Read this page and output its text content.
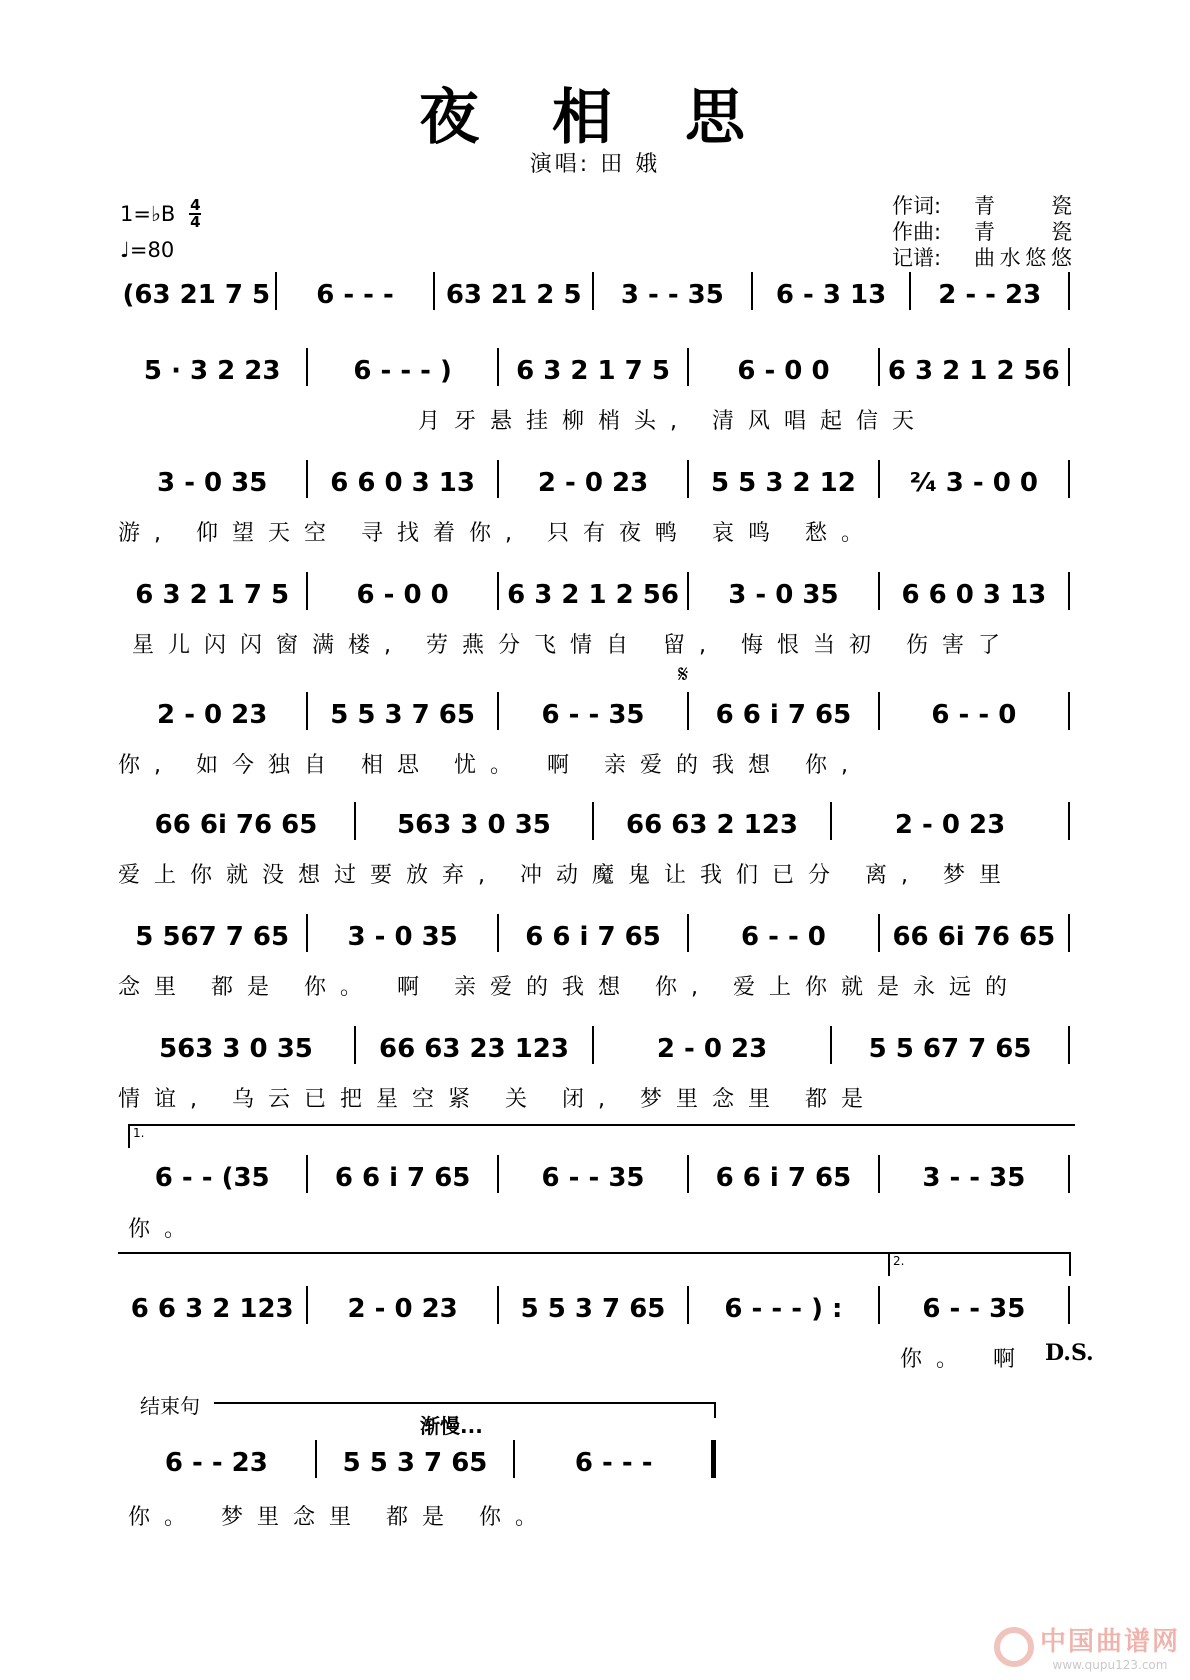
夜 相 思
演唱: 田 娥
1=♭B $\frac{4}{4}$
♩=80
作词:	青	瓷
作曲:	青	瓷
记谱:	曲 水 悠 悠
(63 21 7 5	6 - - -	63 21 2 5	3 - - 35	6 - 3 13	2 - - 23
5 · 3 2 23	6 - - - )	6 3 2 1 7 5	6 - 0 0	6 3 2 1 2 56
月牙悬挂柳梢头, 清风唱起信天
3 - 0 35	6 6 0 3 13	2 - 0 23	5 5 3 2 12	²⁄₄ 3 - 0 0
游, 仰望天空 寻找着你, 只有夜鸭 哀鸣 愁。
6 3 2 1 7 5	6 - 0 0	6 3 2 1 2 56	3 - 0 35	6 6 0 3 13
星儿闪闪窗满楼, 劳燕分飞情自 留, 悔恨当初 伤害了
𝄋
2 - 0 23	5 5 3 7 65	6 - - 35	6 6 i 7 65	6 - - 0
你, 如今独自 相思 忧。 啊 亲爱的我想 你,
66 6i 76 65	563 3 0 35	66 63 2 123	2 - 0 23
爱上你就没想过要放弃, 冲动魔鬼让我们已分 离, 梦里
5 567 7 65	3 - 0 35	6 6 i 7 65	6 - - 0	66 6i 76 65
念里 都是 你。 啊 亲爱的我想 你, 爱上你就是永远的
563 3 0 35	66 63 23 123	2 - 0 23	5 5 67 7 65
情谊, 乌云已把星空紧 关 闭, 梦里念里 都是
1.
6 - - (35	6 6 i 7 65	6 - - 35	6 6 i 7 65	3 - - 35
你。
2.
6 6 3 2 123	2 - 0 23	5 5 3 7 65	6 - - - ) :	6 - - 35
你。 啊 D.S.
结束句
渐慢...
6 - - 23	5 5 3 7 65	6 - - -
你。 梦里念里 都是 你。
中国曲谱网
www.qupu123.com
